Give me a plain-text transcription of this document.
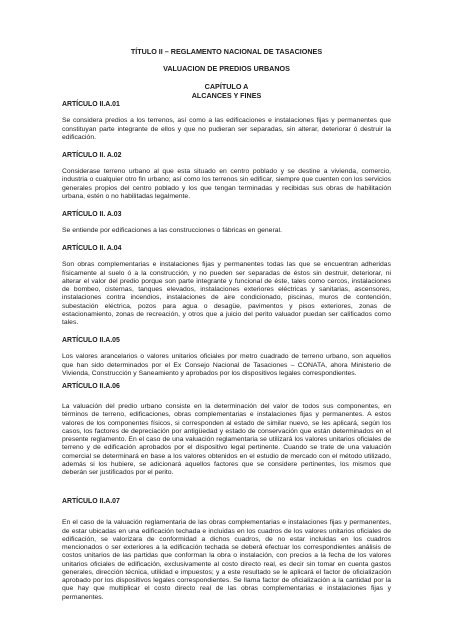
TÍTULO II – REGLAMENTO NACIONAL DE TASACIONES
VALUACION DE PREDIOS URBANOS
CAPÍTULO A
ALCANCES Y FINES
ARTÍCULO II.A.01

Se considera predios a los terrenos, así como a las edificaciones e instalaciones fijas y permanentes que constituyan parte integrante de ellos y que no pudieran ser separadas, sin alterar, deteriorar ó destruir la edificación.

ARTÍCULO II. A.02

Considerase terreno urbano al que esta situado en centro poblado y se destine a vivienda, comercio, industria o cualquier otro fin urbano; así como los terrenos sin edificar, siempre que cuenten con los servicios generales propios del centro poblado y los que tengan terminadas y recibidas sus obras de habilitación urbana, estén o no habilitadas legalmente.

ARTÍCULO II. A.03

Se entiende por edificaciones a las construcciones o fábricas en general.

ARTÍCULO II. A.04

Son obras complementarias e instalaciones fijas y permanentes todas las que se encuentran adheridas físicamente al suelo ó a la construcción, y no pueden ser separadas de éstos sin destruir, deteriorar, ni alterar el valor del predio porque son parte integrante y funcional de éste, tales como cercos, instalaciones de bombeo, cisternas, tanques elevados, instalaciones exteriores eléctricas y sanitarias, ascensores, instalaciones contra incendios, instalaciones de aire condicionado, piscinas, muros de contención, subestación eléctrica, pozos para agua o desagüe, pavimentos y pisos exteriores, zonas de estacionamiento, zonas de recreación, y otros que a juicio del perito valuador puedan ser calificados como tales.

ARTÍCULO II.A.05

Los valores arancelarios o valores unitarios oficiales por metro cuadrado de terreno urbano, son aquellos que han sido determinados por el Ex Consejo Nacional de Tasaciones – CONATA, ahora Ministerio de Vivienda, Construcción y Saneamiento y aprobados por los dispositivos legales correspondientes.

ARTÍCULO II.A.06

La valuación del predio urbano consiste en la determinación del valor de todos sus componentes, en términos de terreno, edificaciones, obras complementarias e instalaciones fijas y permanentes. A estos valores de los componentes físicos, si corresponden al estado de similar nuevo, se les aplicará, según los casos, los factores de depreciación por antigüedad y estado de conservación que están determinados en el presente reglamento. En el caso de una valuación reglamentaria se utilizará los valores unitarios oficiales de terreno y de edificación aprobados por el dispositivo legal pertinente. Cuando se trate de una valuación comercial se determinará en base a los valores obtenidos en el estudio de mercado con el método utilizado, además si los hubiere, se adicionará aquellos factores que se considere pertinentes, los mismos que deberán ser justificados por el perito.

ARTÍCULO II.A.07

En el caso de la valuación reglamentaria de las obras complementarias e instalaciones fijas y permanentes, de estar ubicadas en una edificación techada e incluidas en los cuadros de los valores unitarios oficiales de edificación, se valorizara de conformidad a dichos cuadros, de no estar incluidas en los cuadros mencionados o ser exteriores a la edificación techada se deberá efectuar los correspondientes análisis de costos unitarios de las partidas que conforman la obra o instalación, con precios a la fecha de los valores unitarios oficiales de edificación, exclusivamente al costo directo real, es decir sin tomar en cuenta gastos generales, dirección técnica, utilidad e impuestos; y a este resultado se le aplicará el factor de oficialización aprobado por los dispositivos legales correspondientes. Se llama factor de oficialización a la cantidad por la que hay que multiplicar el costo directo real de las obras complementarias e instalaciones fijas y permanentes.
